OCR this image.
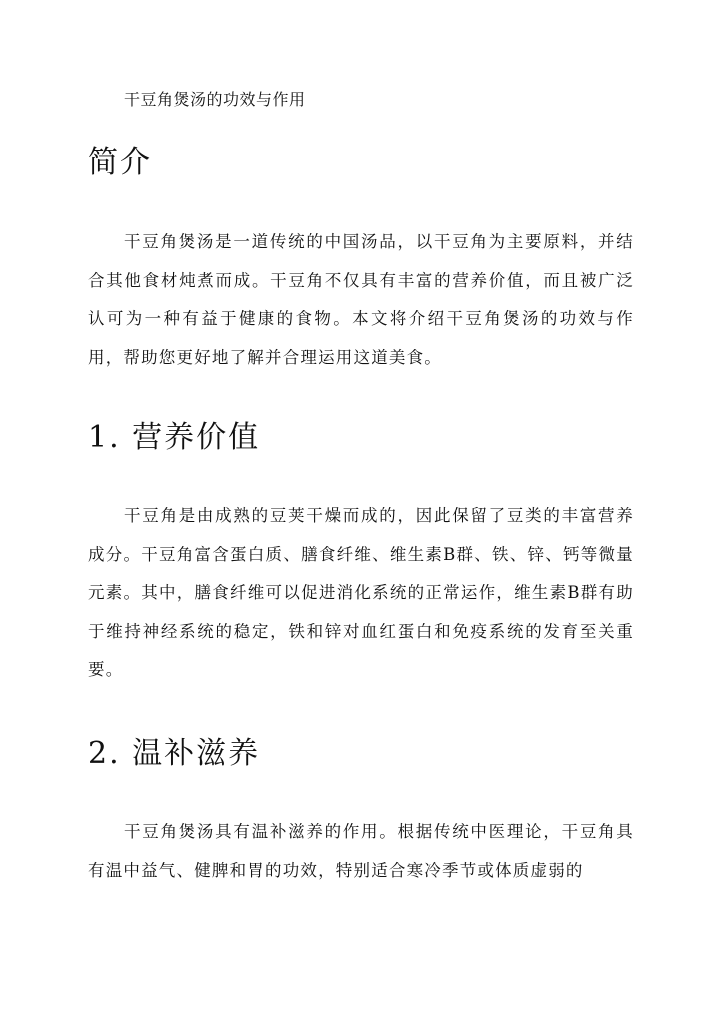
干豆角煲汤的功效与作用
简介

干豆角煲汤是一道传统的中国汤品，以干豆角为主要原料，并结合其他食材炖煮而成。干豆角不仅具有丰富的营养价值，而且被广泛认可为一种有益于健康的食物。本文将介绍干豆角煲汤的功效与作用，帮助您更好地了解并合理运用这道美食。

1. 营养价值

干豆角是由成熟的豆荚干燥而成的，因此保留了豆类的丰富营养成分。干豆角富含蛋白质、膳食纤维、维生素B群、铁、锌、钙等微量元素。其中，膳食纤维可以促进消化系统的正常运作，维生素B群有助于维持神经系统的稳定，铁和锌对血红蛋白和免疫系统的发育至关重要。

2. 温补滋养

干豆角煲汤具有温补滋养的作用。根据传统中医理论，干豆角具有温中益气、健脾和胃的功效，特别适合寒冷季节或体质虚弱的
